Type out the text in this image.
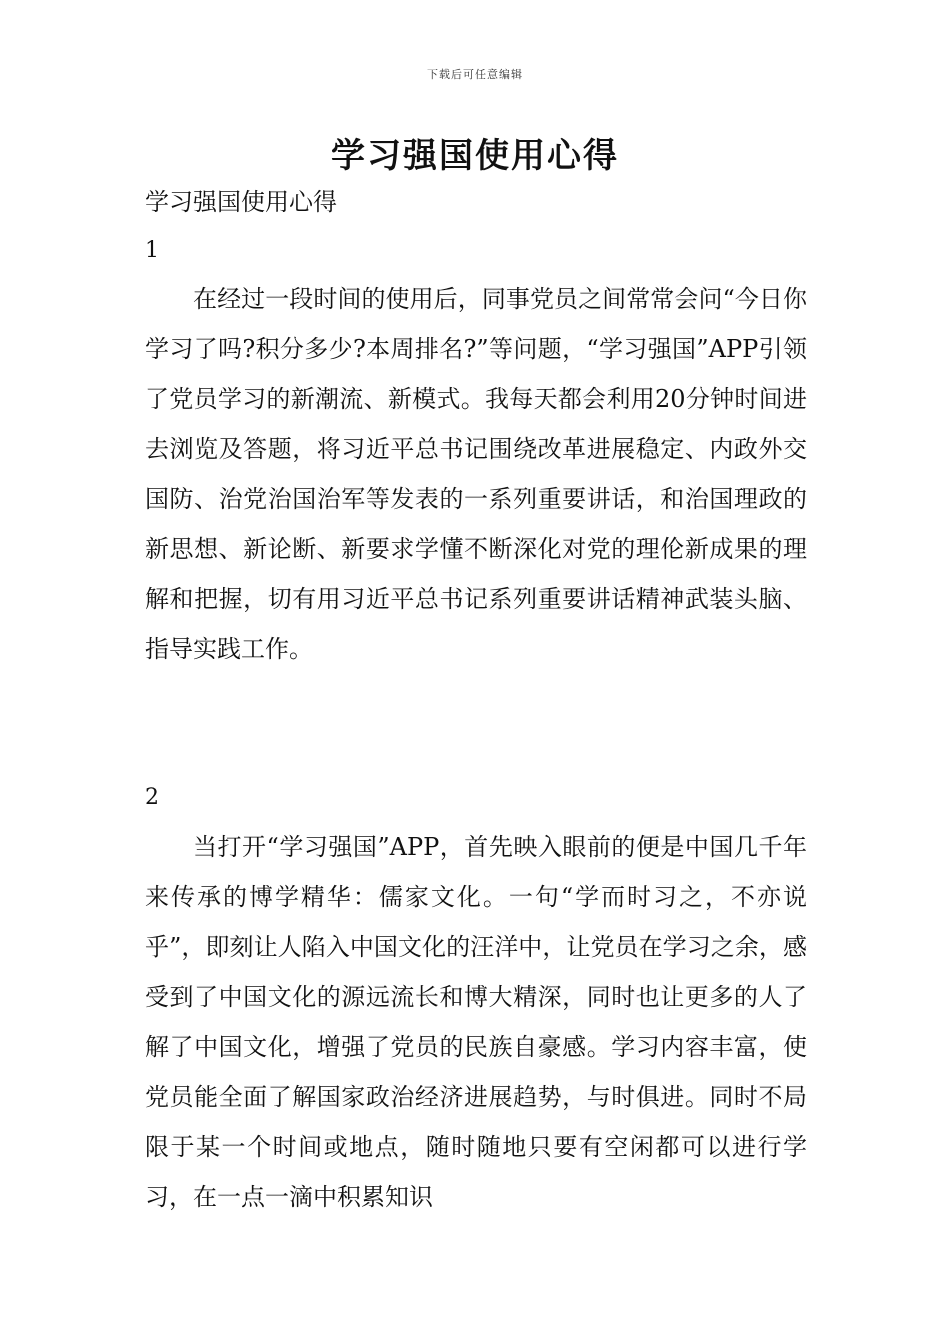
下载后可任意编辑
学习强国使用心得
学习强国使用心得
1

在经过一段时间的使用后，同事党员之间常常会问“今日你学习了吗?积分多少?本周排名?”等问题，“学习强国”APP引领了党员学习的新潮流、新模式。我每天都会利用20分钟时间进去浏览及答题，将习近平总书记围绕改革进展稳定、内政外交国防、治党治国治军等发表的一系列重要讲话，和治国理政的新思想、新论断、新要求学懂不断深化对党的理伦新成果的理解和把握，切有用习近平总书记系列重要讲话精神武装头脑、指导实践工作。

2

当打开“学习强国”APP，首先映入眼前的便是中国几千年来传承的博学精华：儒家文化。一句“学而时习之，不亦说乎”，即刻让人陷入中国文化的汪洋中，让党员在学习之余，感受到了中国文化的源远流长和博大精深，同时也让更多的人了解了中国文化，增强了党员的民族自豪感。学习内容丰富，使党员能全面了解国家政治经济进展趋势，与时俱进。同时不局限于某一个时间或地点，随时随地只要有空闲都可以进行学习，在一点一滴中积累知识
